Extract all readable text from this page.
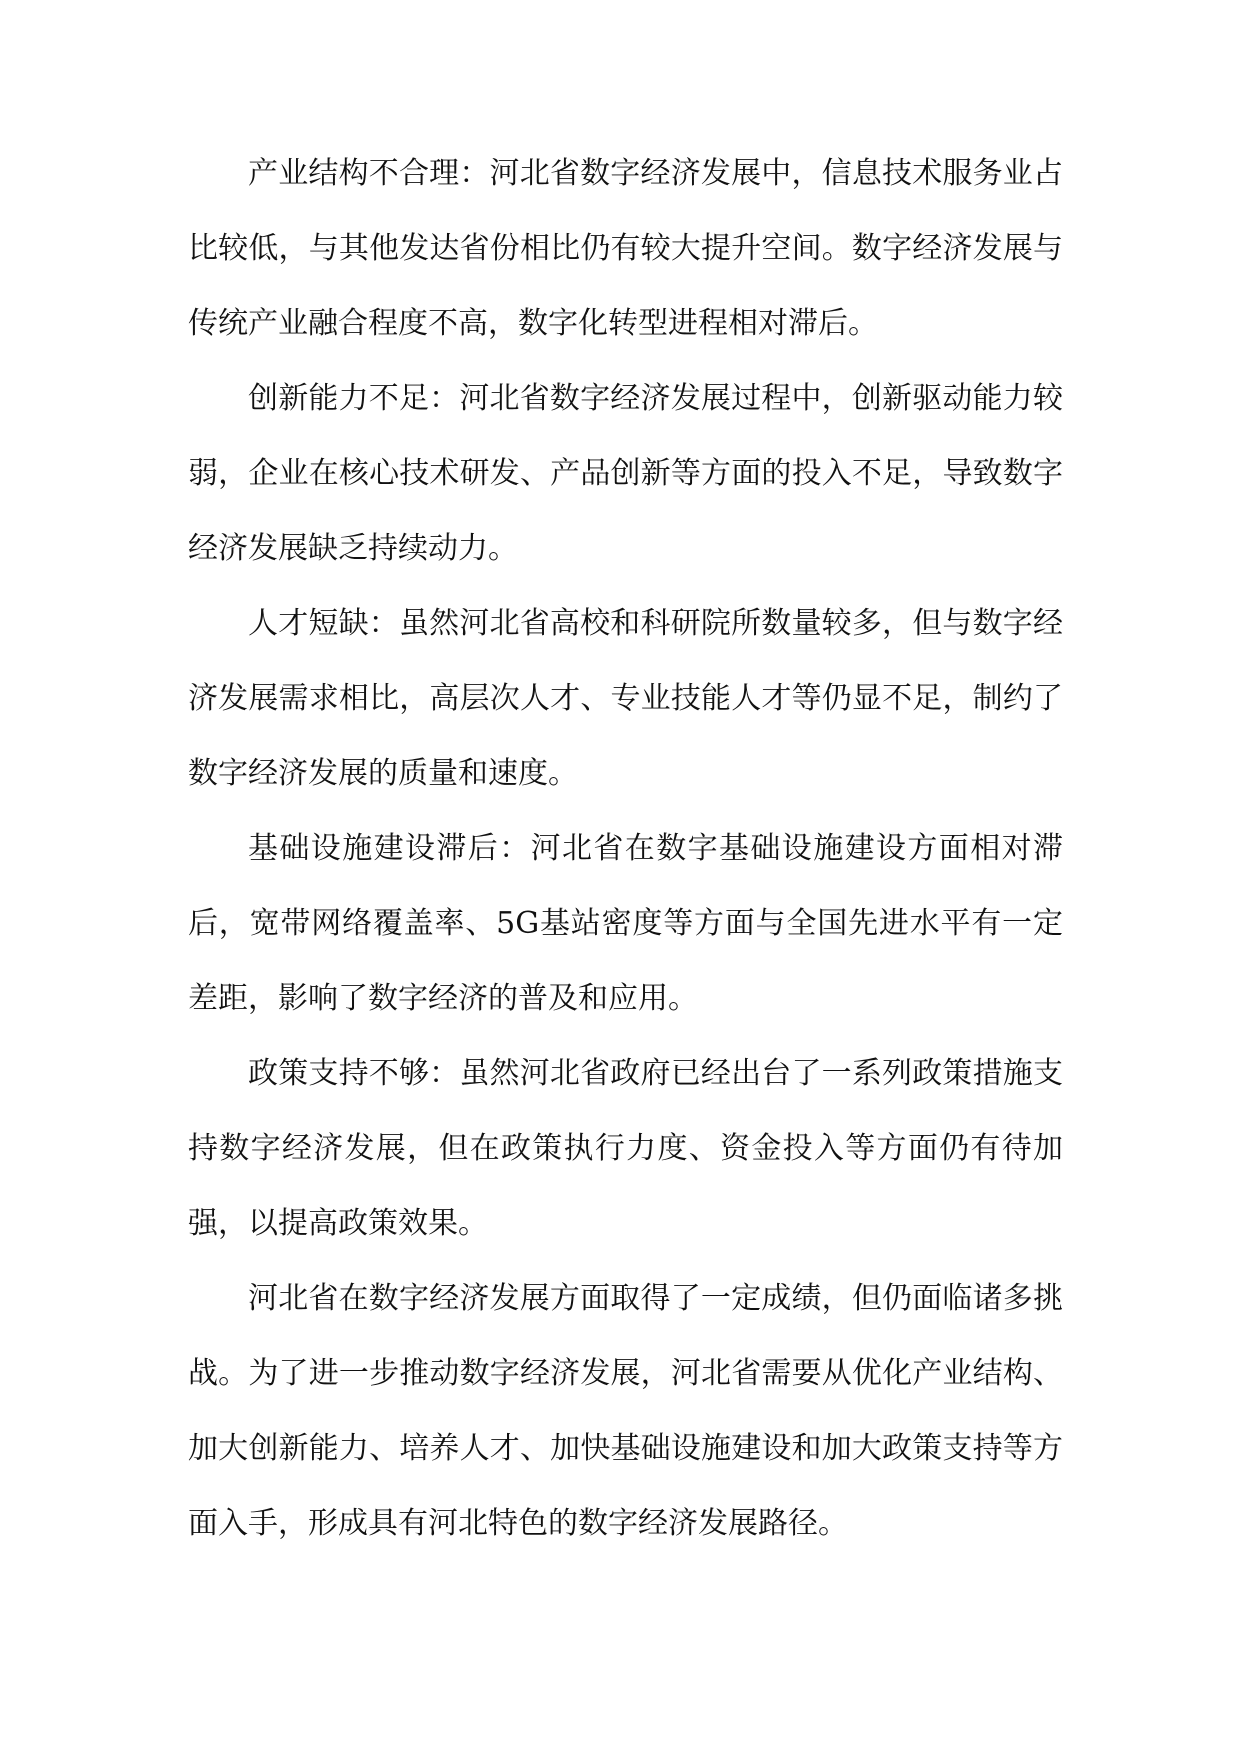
产业结构不合理：河北省数字经济发展中，信息技术服务业占比较低，与其他发达省份相比仍有较大提升空间。数字经济发展与传统产业融合程度不高，数字化转型进程相对滞后。

创新能力不足：河北省数字经济发展过程中，创新驱动能力较弱，企业在核心技术研发、产品创新等方面的投入不足，导致数字经济发展缺乏持续动力。

人才短缺：虽然河北省高校和科研院所数量较多，但与数字经济发展需求相比，高层次人才、专业技能人才等仍显不足，制约了数字经济发展的质量和速度。

基础设施建设滞后：河北省在数字基础设施建设方面相对滞后，宽带网络覆盖率、5G基站密度等方面与全国先进水平有一定差距，影响了数字经济的普及和应用。

政策支持不够：虽然河北省政府已经出台了一系列政策措施支持数字经济发展，但在政策执行力度、资金投入等方面仍有待加强，以提高政策效果。

河北省在数字经济发展方面取得了一定成绩，但仍面临诸多挑战。为了进一步推动数字经济发展，河北省需要从优化产业结构、加大创新能力、培养人才、加快基础设施建设和加大政策支持等方面入手，形成具有河北特色的数字经济发展路径。
